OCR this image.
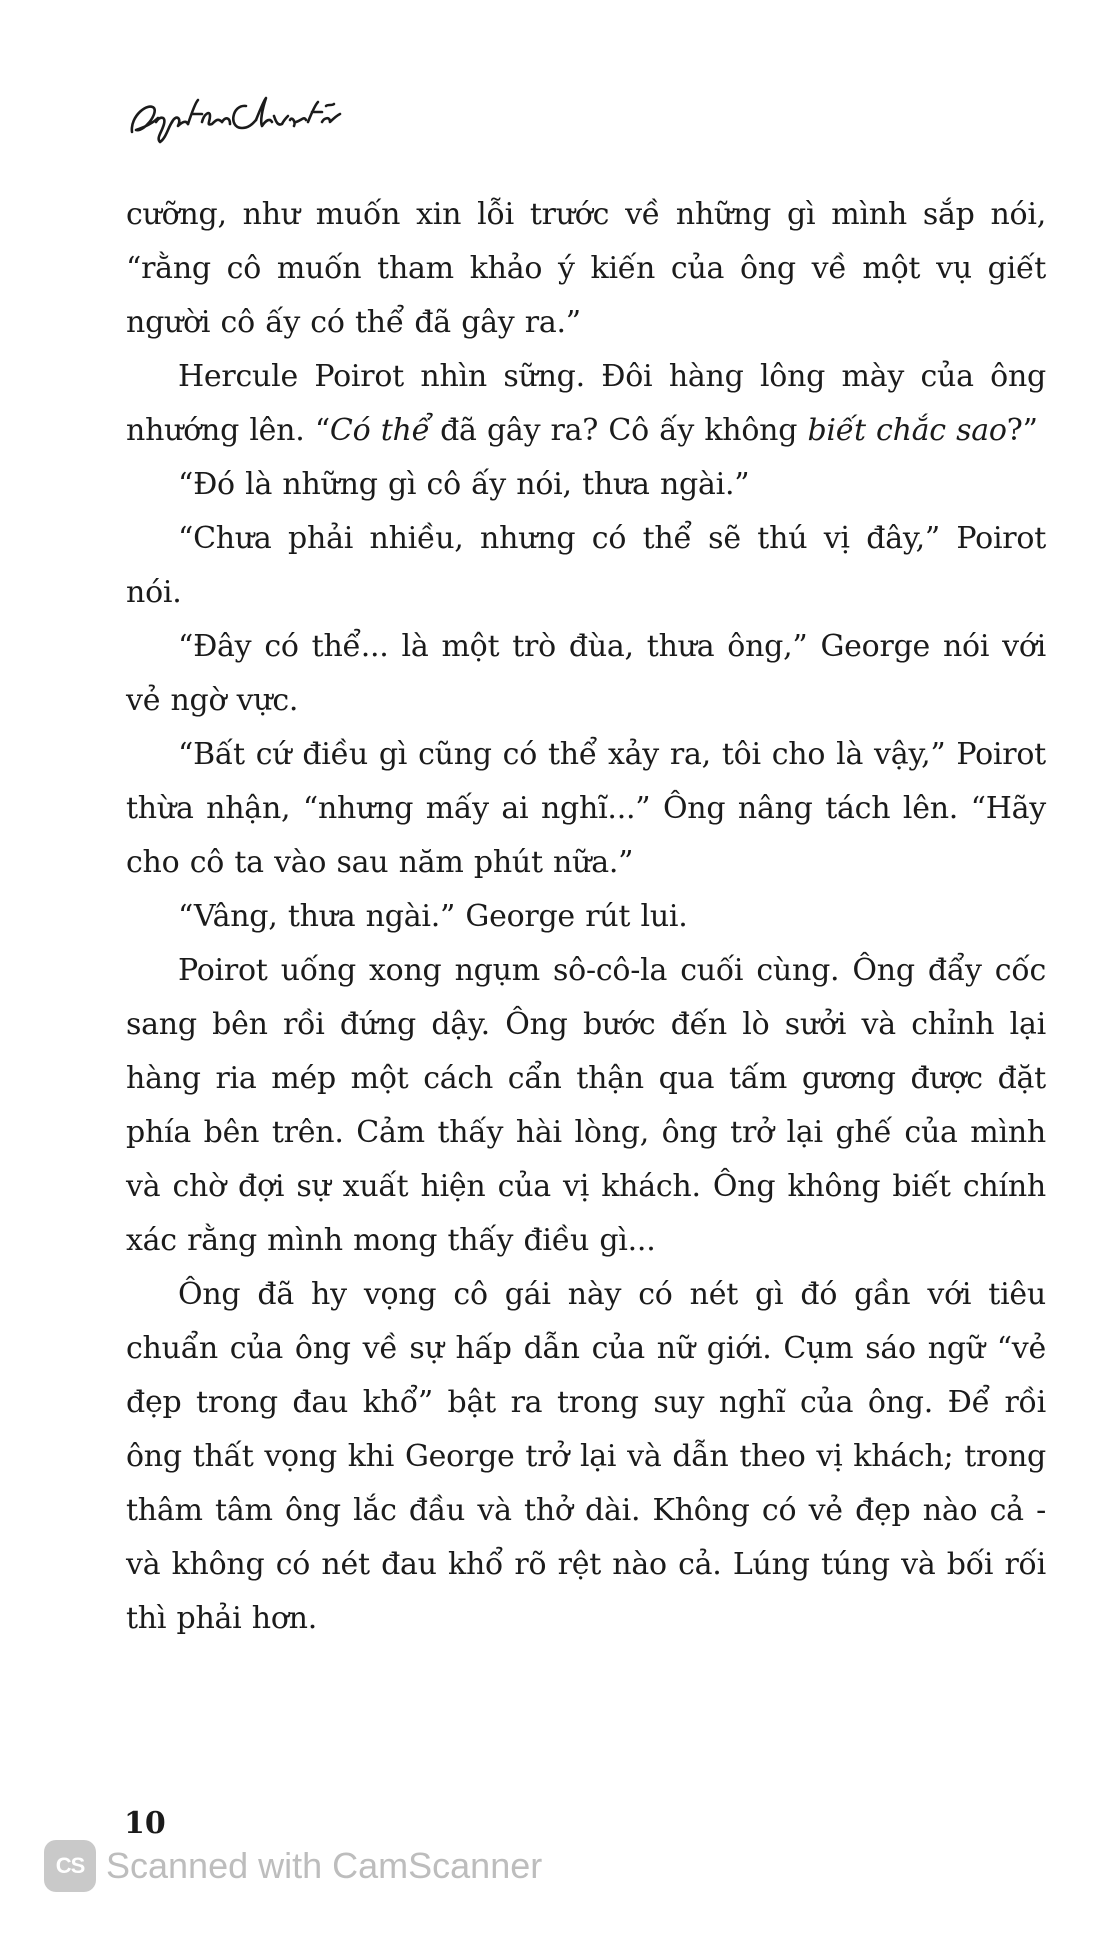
cưỡng, như muốn xin lỗi trước về những gì mình sắp nói, “rằng cô muốn tham khảo ý kiến của ông về một vụ giết người cô ấy có thể đã gây ra.”

Hercule Poirot nhìn sững. Đôi hàng lông mày của ông nhướng lên. “Có thể đã gây ra? Cô ấy không biết chắc sao?”

“Đó là những gì cô ấy nói, thưa ngài.”

“Chưa phải nhiều, nhưng có thể sẽ thú vị đây,” Poirot nói.

“Đây có thể... là một trò đùa, thưa ông,” George nói với vẻ ngờ vực.

“Bất cứ điều gì cũng có thể xảy ra, tôi cho là vậy,” Poirot thừa nhận, “nhưng mấy ai nghĩ...” Ông nâng tách lên. “Hãy cho cô ta vào sau năm phút nữa.”

“Vâng, thưa ngài.” George rút lui.

Poirot uống xong ngụm sô-cô-la cuối cùng. Ông đẩy cốc sang bên rồi đứng dậy. Ông bước đến lò sưởi và chỉnh lại hàng ria mép một cách cẩn thận qua tấm gương được đặt phía bên trên. Cảm thấy hài lòng, ông trở lại ghế của mình và chờ đợi sự xuất hiện của vị khách. Ông không biết chính xác rằng mình mong thấy điều gì...

Ông đã hy vọng cô gái này có nét gì đó gần với tiêu chuẩn của ông về sự hấp dẫn của nữ giới. Cụm sáo ngữ “vẻ đẹp trong đau khổ” bật ra trong suy nghĩ của ông. Để rồi ông thất vọng khi George trở lại và dẫn theo vị khách; trong thâm tâm ông lắc đầu và thở dài. Không có vẻ đẹp nào cả - và không có nét đau khổ rõ rệt nào cả. Lúng túng và bối rối thì phải hơn.

10
CS Scanned with CamScanner
